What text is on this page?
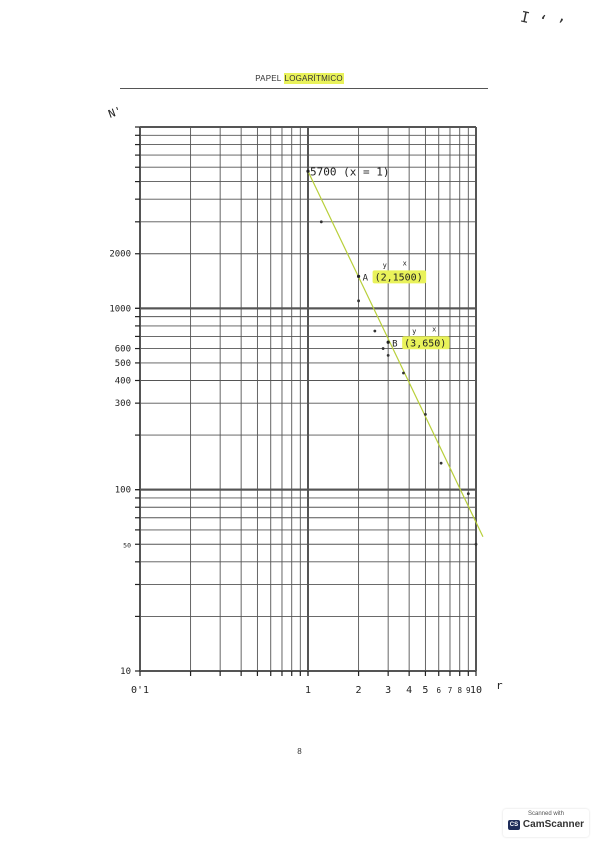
I ‘ ’
PAPEL LOGARÍTMICO
10
50
100
300
400
500
600
1000
2000
0'1	1	2 3 4 5 6 7 8 9 10 r
N'
5700 (x = 1)
A (2,1500)
y x
B (3,650)
y x
8
Scanned with
CS CamScanner
